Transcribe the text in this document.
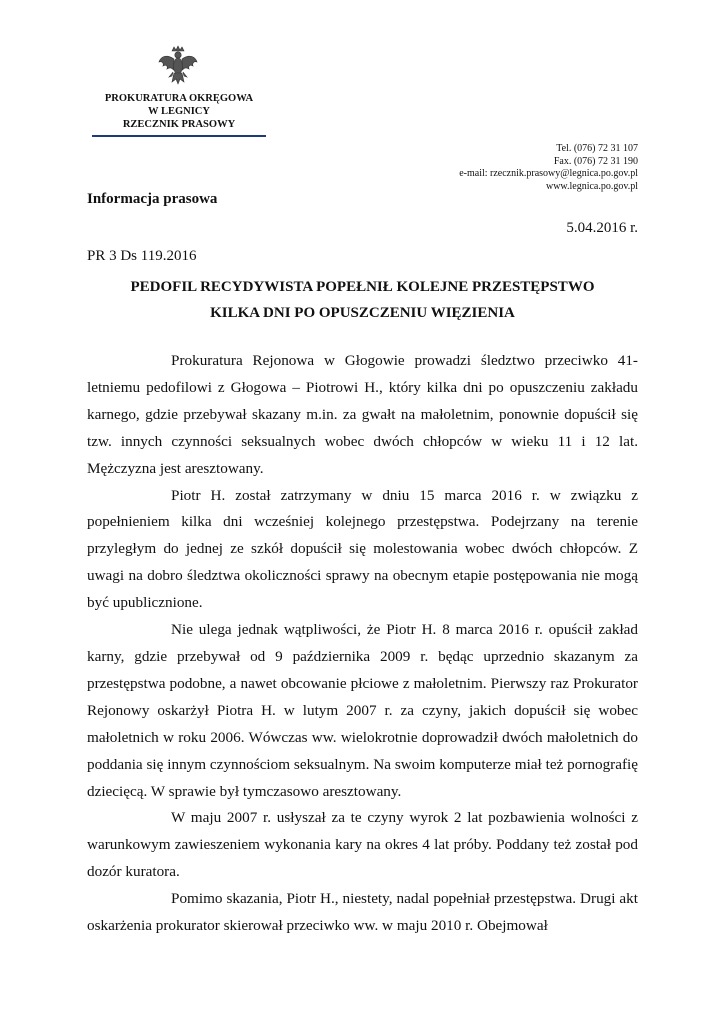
PROKURATURA OKRĘGOWA
W LEGNICY
RZECZNIK PRASOWY
Tel. (076) 72 31 107
Fax. (076) 72 31 190
e-mail: rzecznik.prasowy@legnica.po.gov.pl
www.legnica.po.gov.pl
Informacja prasowa
5.04.2016 r.
PR 3 Ds 119.2016
PEDOFIL RECYDYWISTA POPEŁNIŁ KOLEJNE PRZESTĘPSTWO
KILKA DNI PO OPUSZCZENIU WIĘZIENIA

Prokuratura Rejonowa w Głogowie prowadzi śledztwo przeciwko 41-letniemu pedofilowi z Głogowa – Piotrowi H., który kilka dni po opuszczeniu zakładu karnego, gdzie przebywał skazany m.in. za gwałt na małoletnim, ponownie dopuścił się tzw. innych czynności seksualnych wobec dwóch chłopców w wieku 11 i 12 lat. Mężczyzna jest aresztowany.

Piotr H. został zatrzymany w dniu 15 marca 2016 r. w związku z popełnieniem kilka dni wcześniej kolejnego przestępstwa. Podejrzany na terenie przyległym do jednej ze szkół dopuścił się molestowania wobec dwóch chłopców. Z uwagi na dobro śledztwa okoliczności sprawy na obecnym etapie postępowania nie mogą być upublicznione.

Nie ulega jednak wątpliwości, że Piotr H. 8 marca 2016 r. opuścił zakład karny, gdzie przebywał od 9 października 2009 r. będąc uprzednio skazanym za przestępstwa podobne, a nawet obcowanie płciowe z małoletnim. Pierwszy raz Prokurator Rejonowy oskarżył Piotra H. w lutym 2007 r. za czyny, jakich dopuścił się wobec małoletnich w roku 2006. Wówczas ww. wielokrotnie doprowadził dwóch małoletnich do poddania się innym czynnościom seksualnym. Na swoim komputerze miał też pornografię dziecięcą. W sprawie był tymczasowo aresztowany.

W maju 2007 r. usłyszał za te czyny wyrok 2 lat pozbawienia wolności z warunkowym zawieszeniem wykonania kary na okres 4 lat próby. Poddany też został pod dozór kuratora.

Pomimo skazania, Piotr H., niestety, nadal popełniał przestępstwa. Drugi akt oskarżenia prokurator skierował przeciwko ww. w maju 2010 r. Obejmował
